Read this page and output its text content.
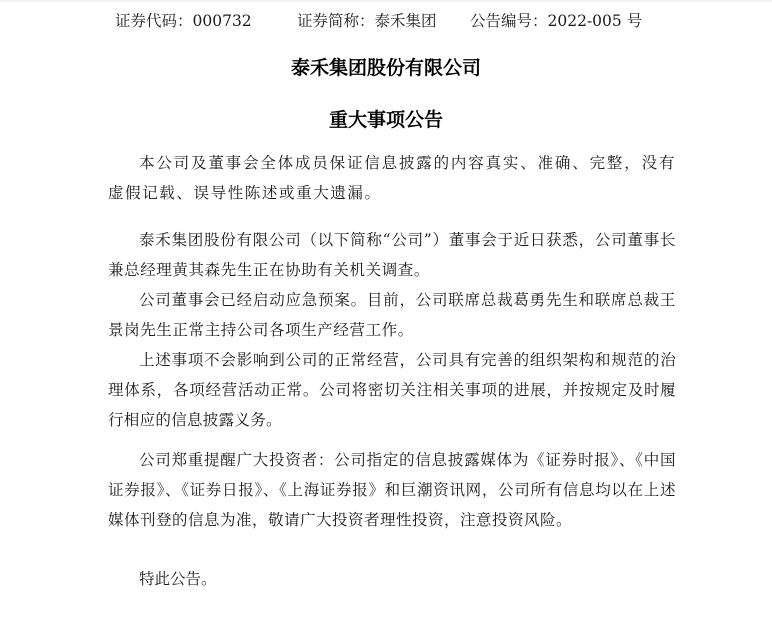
证券代码：000732	证券简称：泰禾集团 公告编号：2022-005 号
泰禾集团股份有限公司
重大事项公告

本公司及董事会全体成员保证信息披露的内容真实、准确、完整，没有虚假记载、误导性陈述或重大遗漏。

泰禾集团股份有限公司（以下简称“公司”）董事会于近日获悉，公司董事长兼总经理黄其森先生正在协助有关机关调查。

公司董事会已经启动应急预案。目前，公司联席总裁葛勇先生和联席总裁王景岗先生正常主持公司各项生产经营工作。

上述事项不会影响到公司的正常经营，公司具有完善的组织架构和规范的治理体系，各项经营活动正常。公司将密切关注相关事项的进展，并按规定及时履行相应的信息披露义务。

公司郑重提醒广大投资者：公司指定的信息披露媒体为《证券时报》、《中国证券报》、《证券日报》、《上海证券报》和巨潮资讯网，公司所有信息均以在上述媒体刊登的信息为准，敬请广大投资者理性投资，注意投资风险。

特此公告。
